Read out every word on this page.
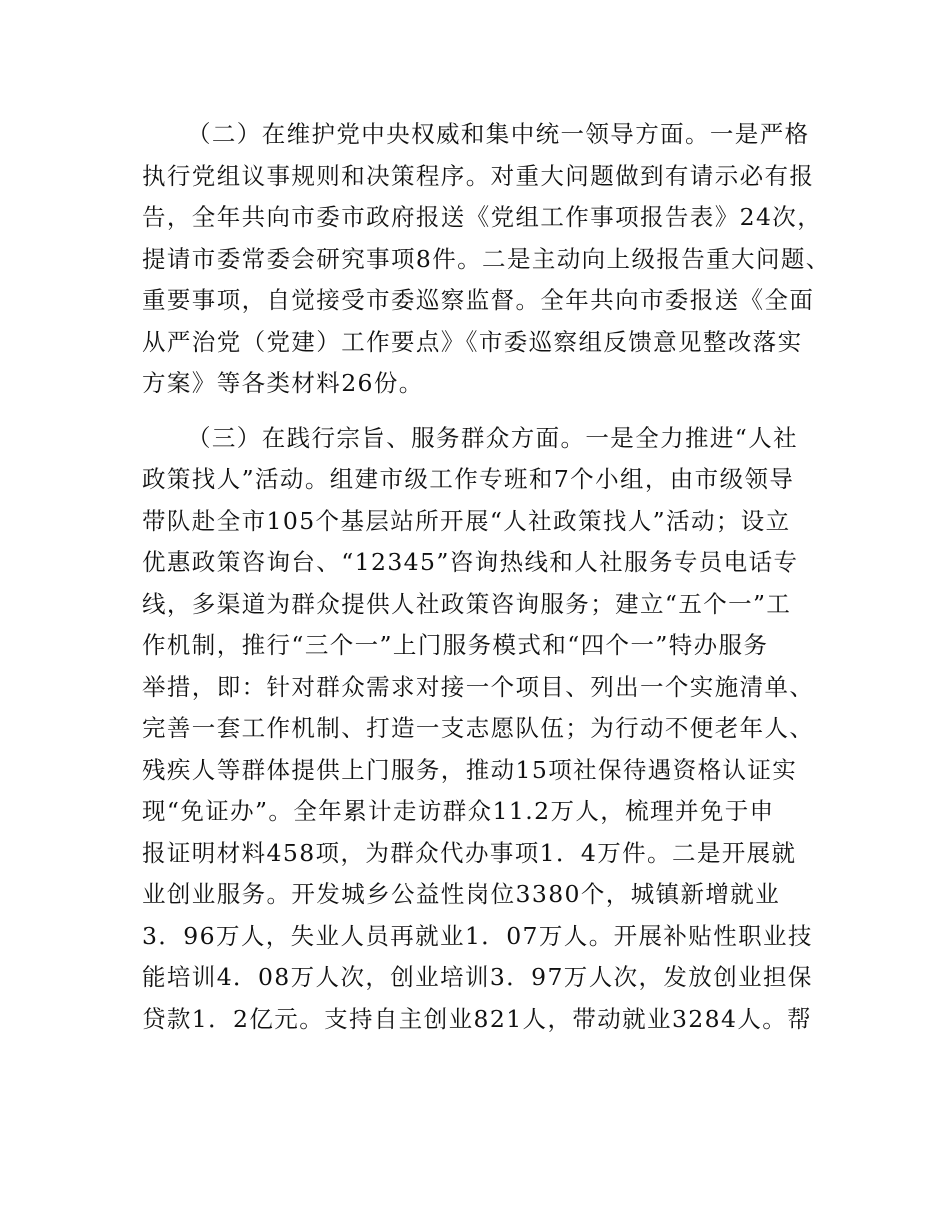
（二）在维护党中央权威和集中统一领导方面。一是严格
执行党组议事规则和决策程序。对重大问题做到有请示必有报
告，全年共向市委市政府报送《党组工作事项报告表》24次，
提请市委常委会研究事项8件。二是主动向上级报告重大问题、
重要事项，自觉接受市委巡察监督。全年共向市委报送《全面
从严治党（党建）工作要点》《市委巡察组反馈意见整改落实
方案》等各类材料26份。
（三）在践行宗旨、服务群众方面。一是全力推进“人社
政策找人”活动。组建市级工作专班和7个小组，由市级领导
带队赴全市105个基层站所开展“人社政策找人”活动；设立
优惠政策咨询台、“12345”咨询热线和人社服务专员电话专
线，多渠道为群众提供人社政策咨询服务；建立“五个一”工
作机制，推行“三个一”上门服务模式和“四个一”特办服务
举措，即：针对群众需求对接一个项目、列出一个实施清单、
完善一套工作机制、打造一支志愿队伍；为行动不便老年人、
残疾人等群体提供上门服务，推动15项社保待遇资格认证实
现“免证办”。全年累计走访群众11.2万人，梳理并免于申
报证明材料458项，为群众代办事项1．4万件。二是开展就
业创业服务。开发城乡公益性岗位3380个，城镇新增就业
3．96万人，失业人员再就业1．07万人。开展补贴性职业技
能培训4．08万人次，创业培训3．97万人次，发放创业担保
贷款1．2亿元。支持自主创业821人，带动就业3284人。帮
